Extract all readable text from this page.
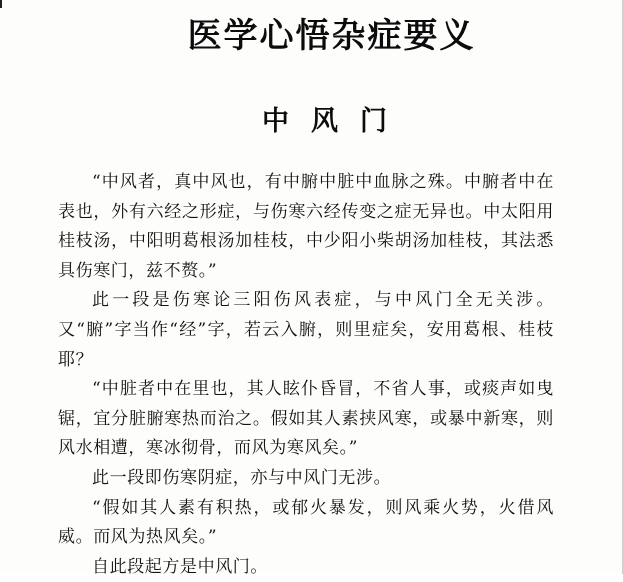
医学心悟杂症要义
中风门

“中风者，真中风也，有中腑中脏中血脉之殊。中腑者中在表也，外有六经之形症，与伤寒六经传变之症无异也。中太阳用桂枝汤，中阳明葛根汤加桂枝，中少阳小柴胡汤加桂枝，其法悉具伤寒门，兹不赘。”

此一段是伤寒论三阳伤风表症，与中风门全无关涉。又“腑”字当作“经”字，若云入腑，则里症矣，安用葛根、桂枝耶？

“中脏者中在里也，其人眩仆昏冒，不省人事，或痰声如曳锯，宜分脏腑寒热而治之。假如其人素挟风寒，或暴中新寒，则风水相遭，寒冰彻骨，而风为寒风矣。”

此一段即伤寒阴症，亦与中风门无涉。

“假如其人素有积热，或郁火暴发，则风乘火势，火借风威。而风为热风矣。”

自此段起方是中风门。
